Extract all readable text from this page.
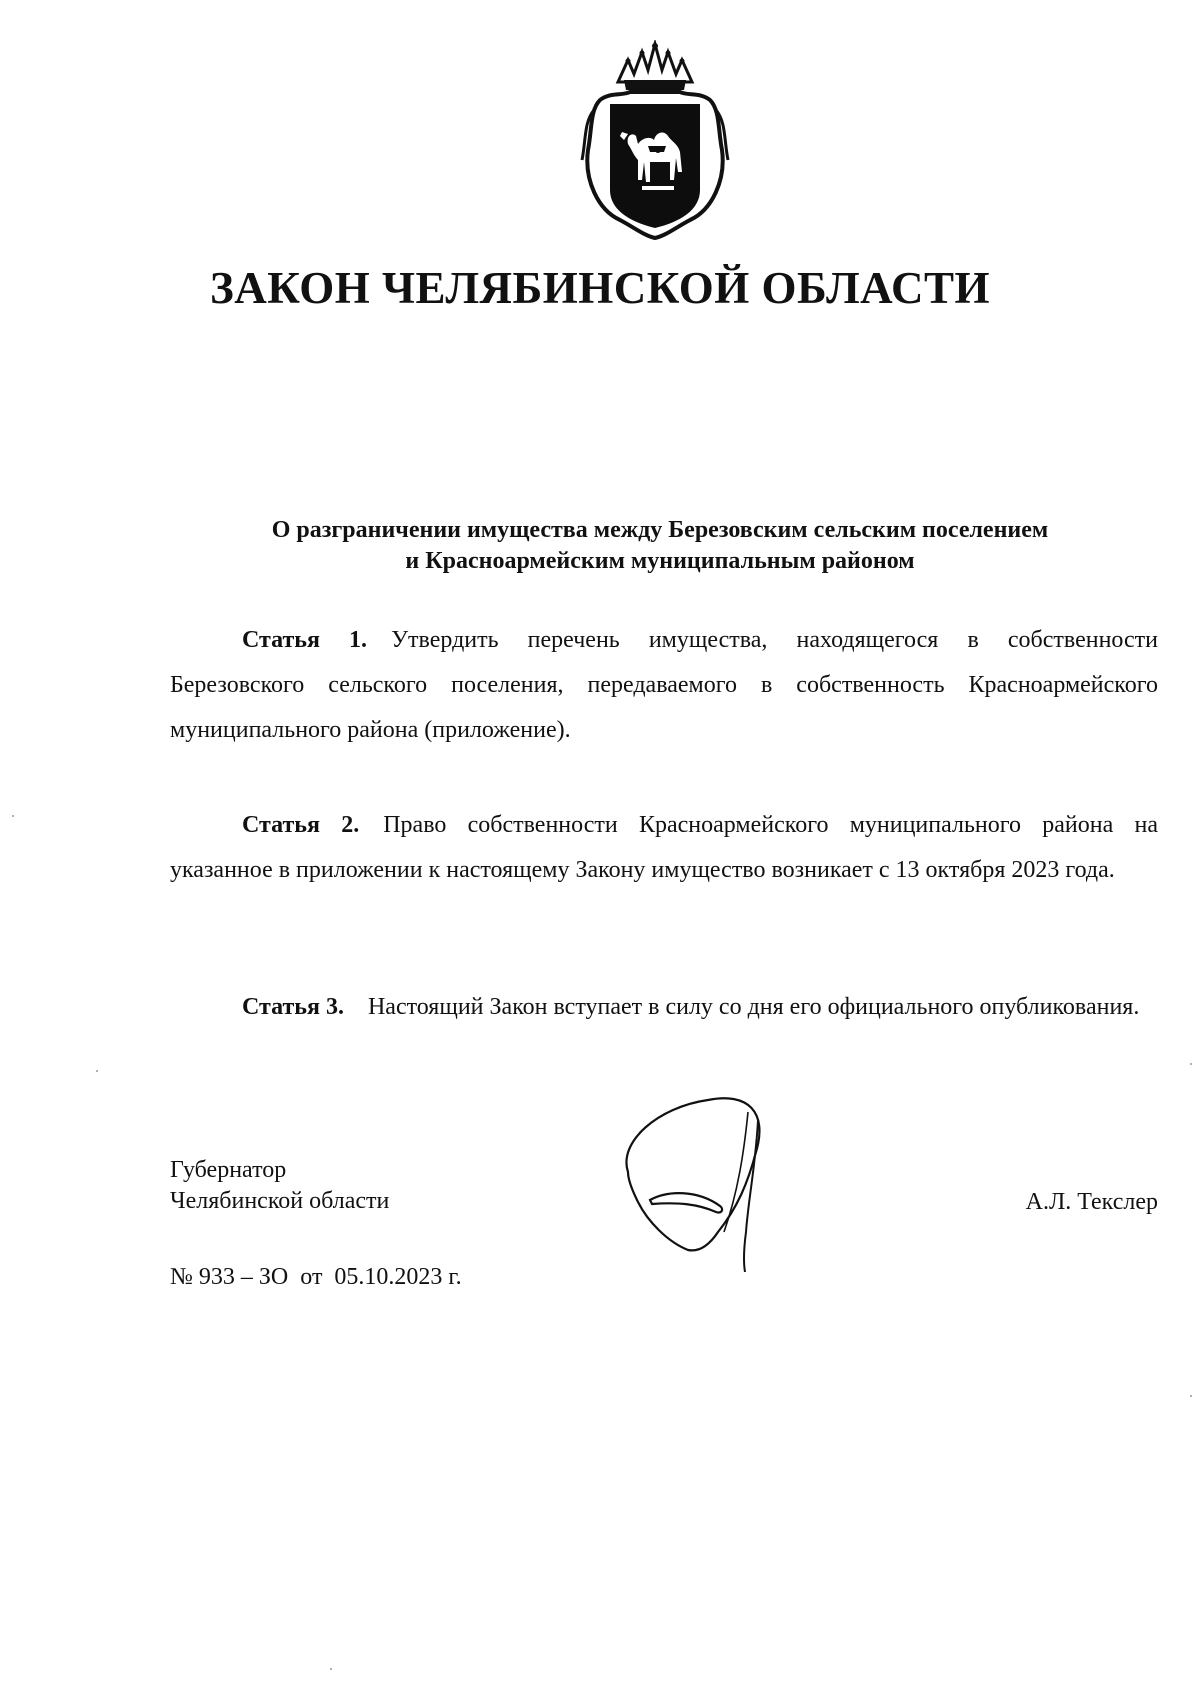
ЗАКОН ЧЕЛЯБИНСКОЙ ОБЛАСТИ
О разграничении имущества между Березовским сельским поселением
и Красноармейским муниципальным районом

Статья 1. Утвердить перечень имущества, находящегося в собственности Березовского сельского поселения, передаваемого в собственность Красноармейского муниципального района (приложение).

Статья 2. Право собственности Красноармейского муниципального района на указанное в приложении к настоящему Закону имущество возникает с 13 октября 2023 года.

Статья 3. Настоящий Закон вступает в силу со дня его официального опубликования.

Губернатор
Челябинской области	А.Л. Текслер
№ 933 – ЗО  от  05.10.2023 г.
